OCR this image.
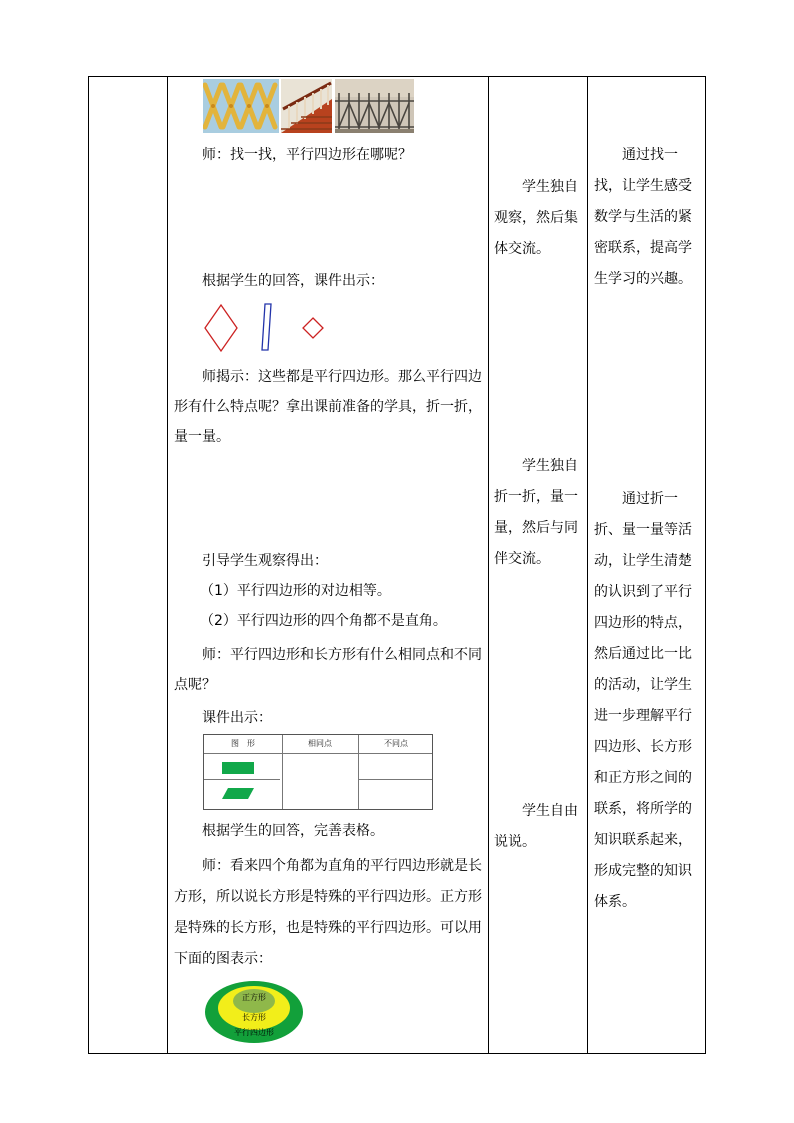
师：找一找，平行四边形在哪呢？
根据学生的回答，课件出示：
师揭示：这些都是平行四边形。那么平行四边形有什么特点呢？拿出课前准备的学具，折一折，量一量。
引导学生观察得出：
（1）平行四边形的对边相等。
（2）平行四边形的四个角都不是直角。
师：平行四边形和长方形有什么相同点和不同点呢？
课件出示：
图　形	相同点	不同点
根据学生的回答，完善表格。
师：看来四个角都为直角的平行四边形就是长方形，所以说长方形是特殊的平行四边形。正方形是特殊的长方形，也是特殊的平行四边形。可以用下面的图表示：
正方形
长方形
平行四边形
学生独自观察，然后集体交流。
学生独自折一折，量一量，然后与同伴交流。
学生自由说说。
通过找一找，让学生感受数学与生活的紧密联系，提高学生学习的兴趣。
通过折一折、量一量等活动，让学生清楚的认识到了平行四边形的特点，然后通过比一比的活动，让学生进一步理解平行四边形、长方形和正方形之间的联系，将所学的知识联系起来，形成完整的知识体系。
